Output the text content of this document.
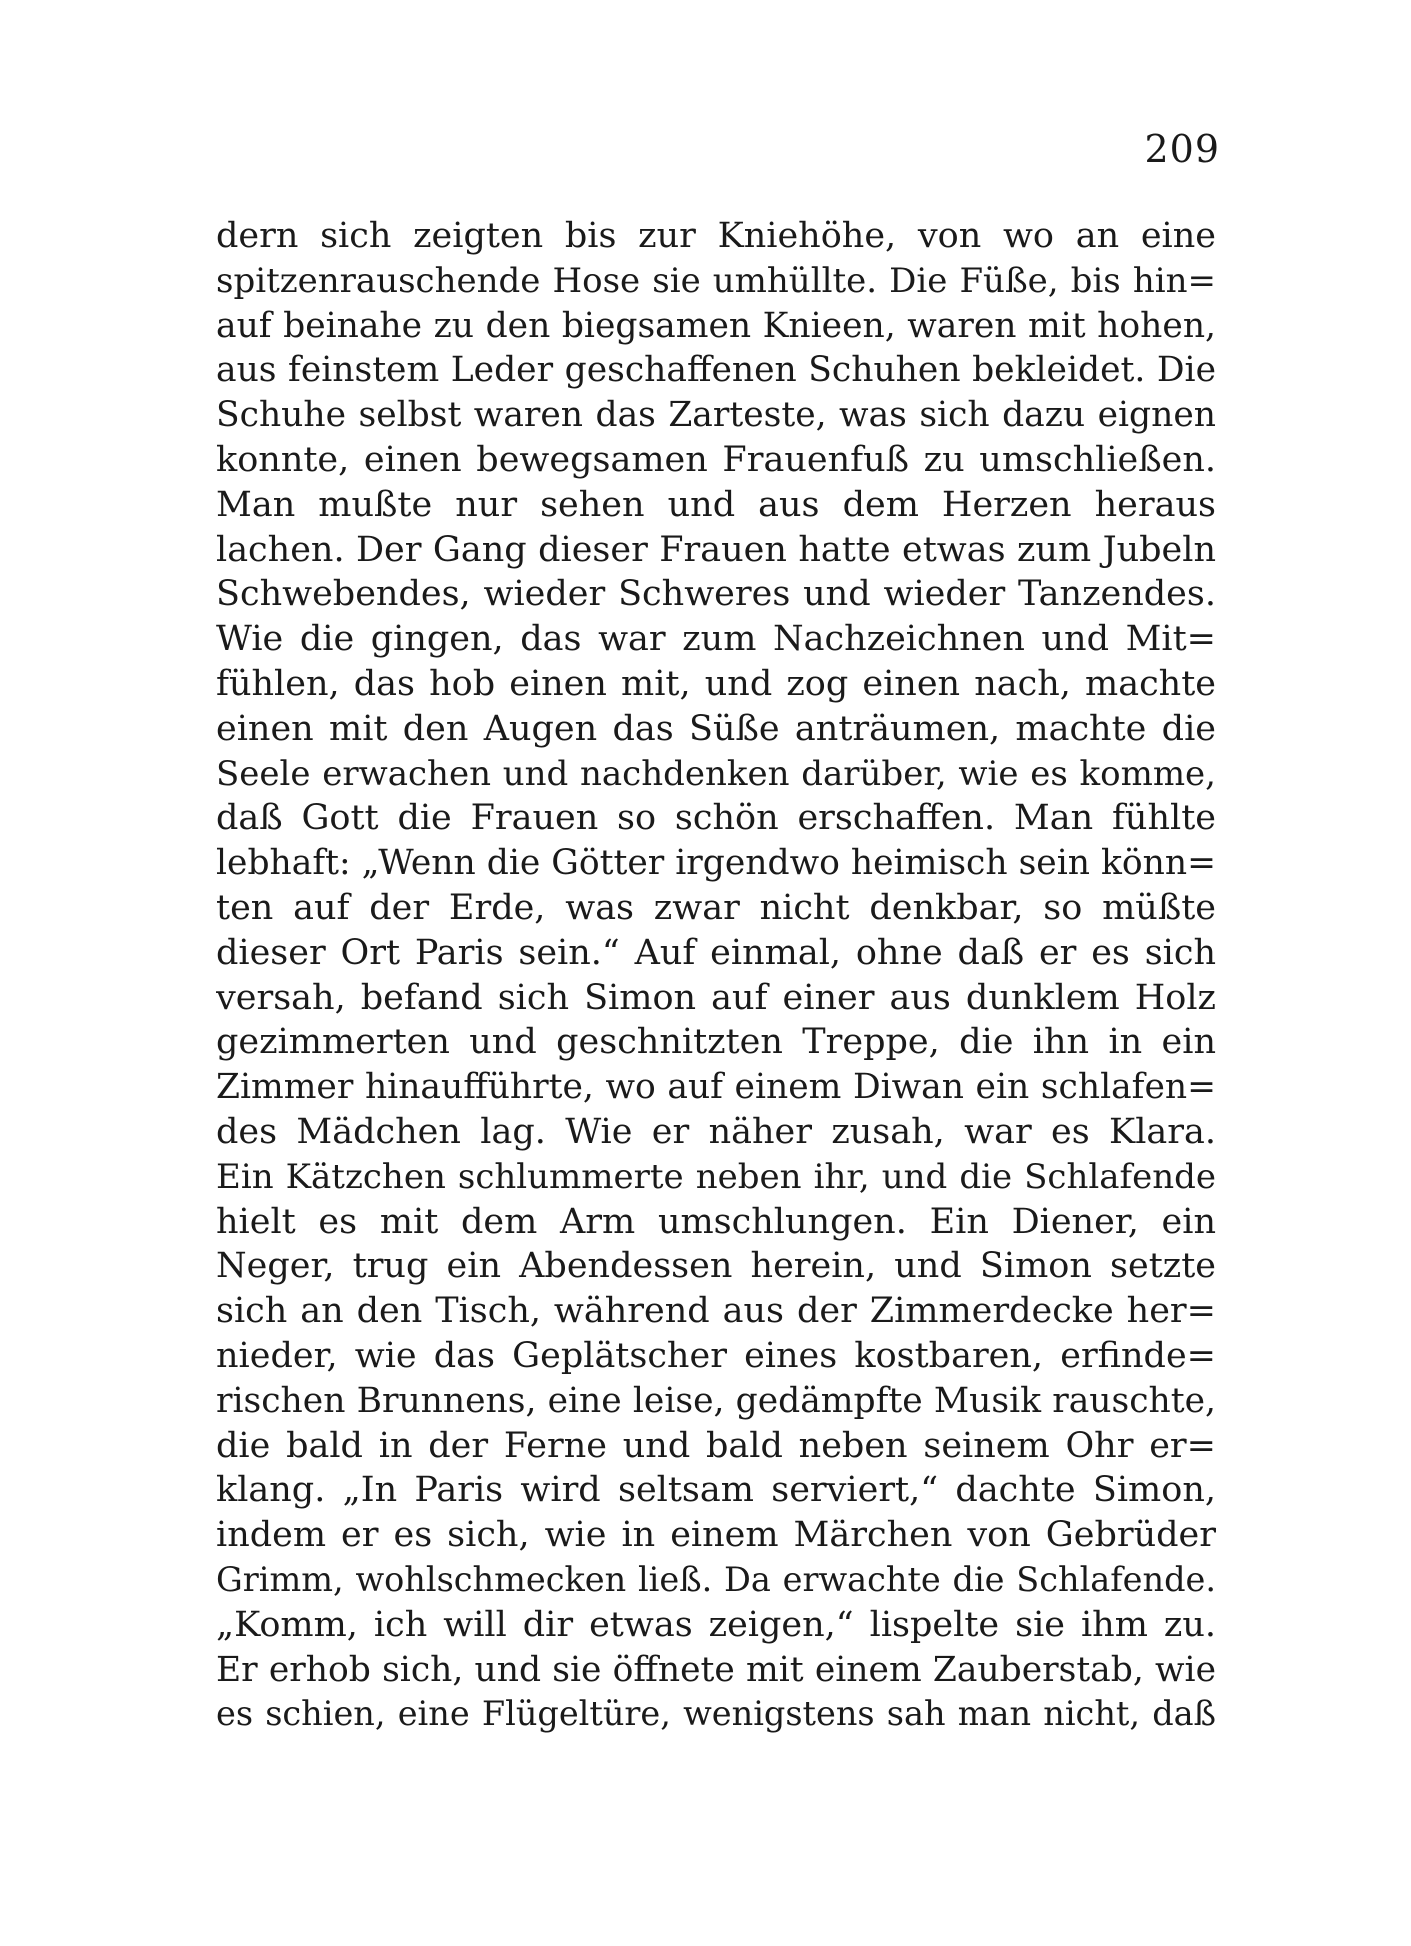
209
dern sich zeigten bis zur Kniehöhe, von wo an eine
spitzenrauschende Hose sie umhüllte. Die Füße, bis hin=
auf beinahe zu den biegsamen Knieen, waren mit hohen,
aus feinstem Leder geschaffenen Schuhen bekleidet. Die
Schuhe selbst waren das Zarteste, was sich dazu eignen
konnte, einen bewegsamen Frauenfuß zu umschließen.
Man mußte nur sehen und aus dem Herzen heraus
lachen. Der Gang dieser Frauen hatte etwas zum Jubeln
Schwebendes, wieder Schweres und wieder Tanzendes.
Wie die gingen, das war zum Nachzeichnen und Mit=
fühlen, das hob einen mit, und zog einen nach, machte
einen mit den Augen das Süße anträumen, machte die
Seele erwachen und nachdenken darüber, wie es komme,
daß Gott die Frauen so schön erschaffen. Man fühlte
lebhaft: „Wenn die Götter irgendwo heimisch sein könn=
ten auf der Erde, was zwar nicht denkbar, so müßte
dieser Ort Paris sein.“ Auf einmal, ohne daß er es sich
versah, befand sich Simon auf einer aus dunklem Holz
gezimmerten und geschnitzten Treppe, die ihn in ein
Zimmer hinaufführte, wo auf einem Diwan ein schlafen=
des Mädchen lag. Wie er näher zusah, war es Klara.
Ein Kätzchen schlummerte neben ihr, und die Schlafende
hielt es mit dem Arm umschlungen. Ein Diener, ein
Neger, trug ein Abendessen herein, und Simon setzte
sich an den Tisch, während aus der Zimmerdecke her=
nieder, wie das Geplätscher eines kostbaren, erfinde=
rischen Brunnens, eine leise, gedämpfte Musik rauschte,
die bald in der Ferne und bald neben seinem Ohr er=
klang. „In Paris wird seltsam serviert,“ dachte Simon,
indem er es sich, wie in einem Märchen von Gebrüder
Grimm, wohlschmecken ließ. Da erwachte die Schlafende.
„Komm, ich will dir etwas zeigen,“ lispelte sie ihm zu.
Er erhob sich, und sie öffnete mit einem Zauberstab, wie
es schien, eine Flügeltüre, wenigstens sah man nicht, daß
